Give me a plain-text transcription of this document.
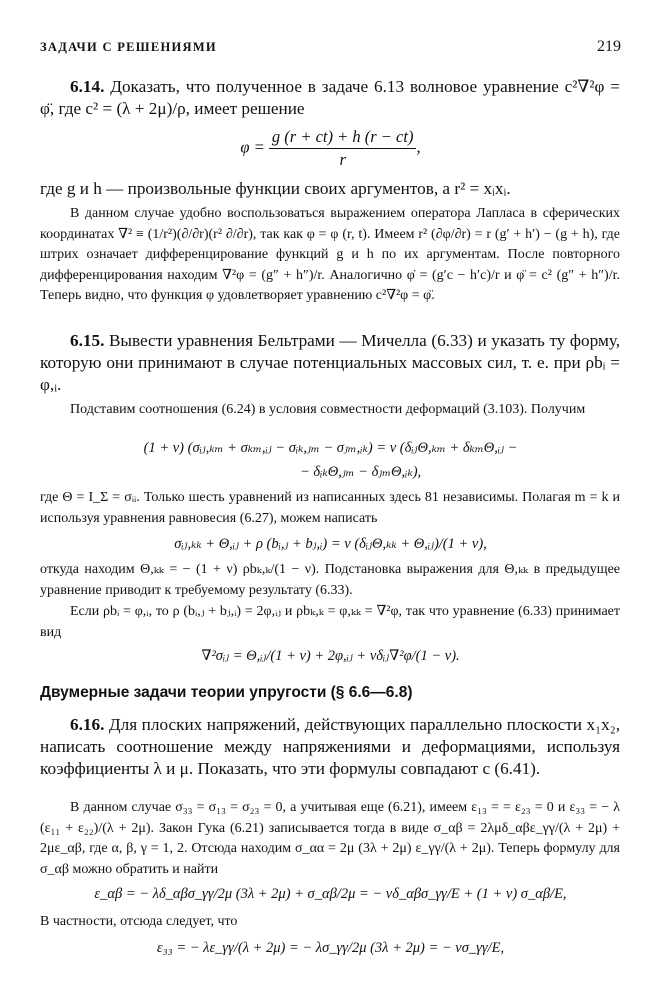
ЗАДАЧИ С РЕШЕНИЯМИ	219

6.14. Доказать, что полученное в задаче 6.13 волновое уравнение c²∇²φ = φ̈, где c² = (λ + 2μ)/ρ, имеет решение

$\varphi = \frac{g (r + ct) + h (r - ct)}{r}$ ,

где g и h — произвольные функции своих аргументов, а r² = xᵢxᵢ.

В данном случае удобно воспользоваться выражением оператора Лапласа в сферических координатах ∇² ≡ (1/r²)(∂/∂r)(r² ∂/∂r), так как φ = φ (r, t). Имеем r² (∂φ/∂r) = r (g′ + h′) − (g + h), где штрих означает дифференцирование функций g и h по их аргументам. После повторного дифференцирования находим ∇²φ = (g″ + h″)/r. Аналогично φ̇ = (g′c − h′c)/r и φ̈ = c² (g″ + h″)/r. Теперь видно, что функция φ удовлетворяет уравнению c²∇²φ = φ̈.

6.15. Вывести уравнения Бельтрами — Мичелла (6.33) и указать ту форму, которую они принимают в случае потенциальных массовых сил, т. е. при ρbᵢ = φ,ᵢ.

Подставим соотношения (6.24) в условия совместности деформаций (3.103). Получим

(1 + ν) (σᵢⱼ,ₖₘ + σₖₘ,ᵢⱼ − σᵢₖ,ⱼₘ − σⱼₘ,ᵢₖ) = ν (δᵢⱼΘ,ₖₘ + δₖₘΘ,ᵢⱼ −
− δᵢₖΘ,ⱼₘ − δⱼₘΘ,ᵢₖ),

где Θ = I_Σ = σᵢᵢ. Только шесть уравнений из написанных здесь 81 независимы. Полагая m = k и используя уравнения равновесия (6.27), можем написать

σᵢⱼ,ₖₖ + Θ,ᵢⱼ + ρ (bᵢ,ⱼ + bⱼ,ᵢ) = ν (δᵢⱼΘ,ₖₖ + Θ,ᵢⱼ)/(1 + ν),

откуда находим Θ,ₖₖ = − (1 + ν) ρbₖ,ₖ/(1 − ν). Подстановка выражения для Θ,ₖₖ в предыдущее уравнение приводит к требуемому результату (6.33).

Если ρbᵢ = φ,ᵢ, то ρ (bᵢ,ⱼ + bⱼ,ᵢ) = 2φ,ᵢⱼ и ρbₖ,ₖ = φ,ₖₖ = ∇²φ, так что уравнение (6.33) принимает вид

∇²σᵢⱼ = Θ,ᵢⱼ/(1 + ν) + 2φ,ᵢⱼ + νδᵢⱼ∇²φ/(1 − ν).
Двумерные задачи теории упругости (§ 6.6—6.8)

6.16. Для плоских напряжений, действующих параллельно плоскости x₁x₂, написать соотношение между напряжениями и деформациями, используя коэффициенты λ и μ. Показать, что эти формулы совпадают с (6.41).

В данном случае σ₃₃ = σ₁₃ = σ₂₃ = 0, а учитывая еще (6.21), имеем ε₁₃ = = ε₂₃ = 0 и ε₃₃ = − λ (ε₁₁ + ε₂₂)/(λ + 2μ). Закон Гука (6.21) записывается тогда в виде σ_αβ = 2λμδ_αβε_γγ/(λ + 2μ) + 2με_αβ, где α, β, γ = 1, 2. Отсюда находим σ_αα = 2μ (3λ + 2μ) ε_γγ/(λ + 2μ). Теперь формулу для σ_αβ можно обратить и найти

ε_αβ = − λδ_αβσ_γγ/2μ (3λ + 2μ) + σ_αβ/2μ = − νδ_αβσ_γγ/E + (1 + ν) σ_αβ/E,

В частности, отсюда следует, что

ε₃₃ = − λε_γγ/(λ + 2μ) = − λσ_γγ/2μ (3λ + 2μ) = − νσ_γγ/E,
